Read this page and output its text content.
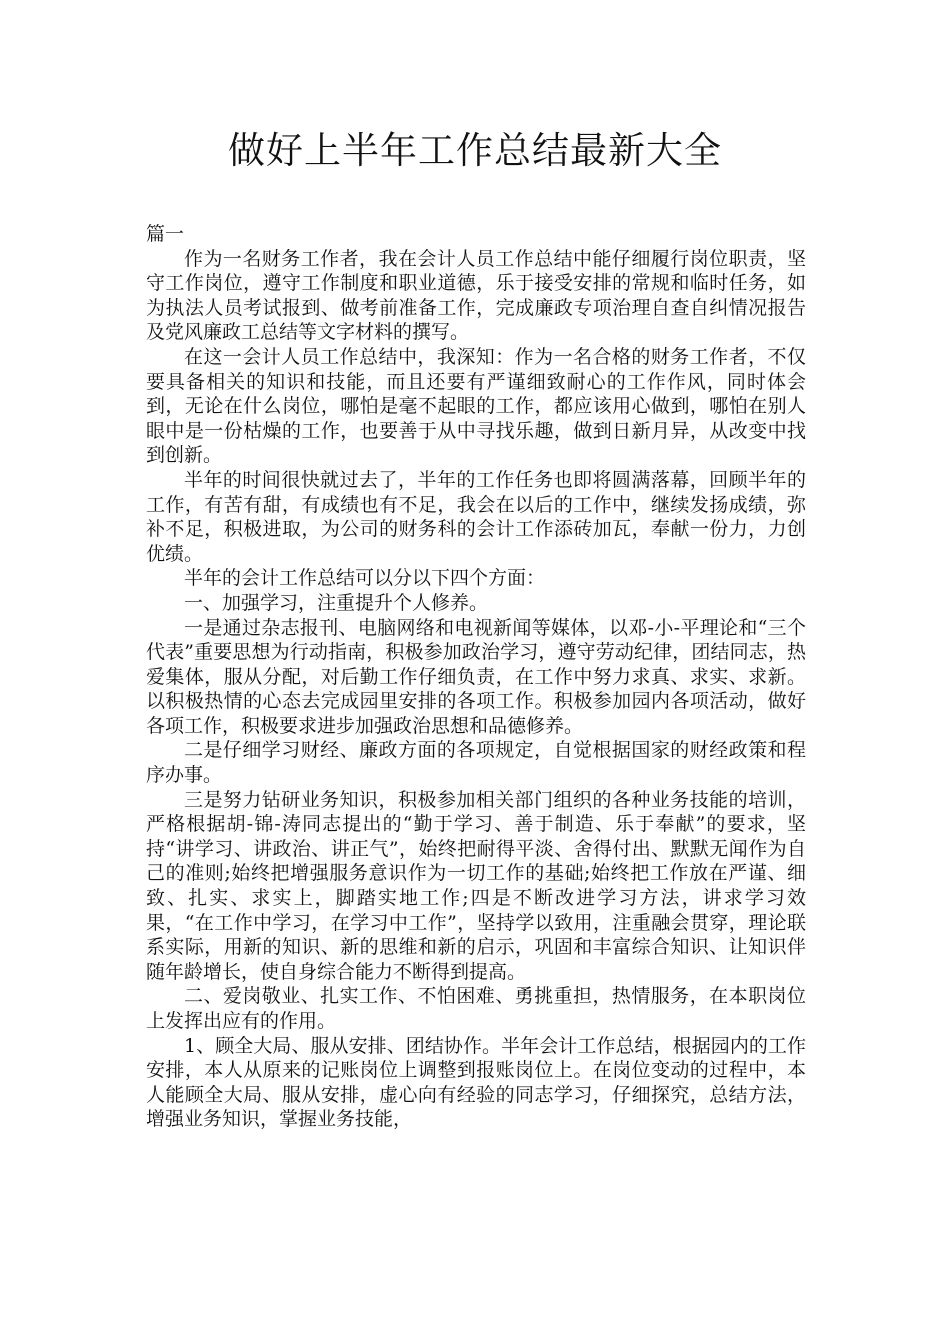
做好上半年工作总结最新大全

篇一

作为一名财务工作者，我在会计人员工作总结中能仔细履行岗位职责，坚守工作岗位，遵守工作制度和职业道德，乐于接受安排的常规和临时任务，如为执法人员考试报到、做考前准备工作，完成廉政专项治理自查自纠情况报告及党风廉政工总结等文字材料的撰写。

在这一会计人员工作总结中，我深知：作为一名合格的财务工作者，不仅要具备相关的知识和技能，而且还要有严谨细致耐心的工作作风，同时体会到，无论在什么岗位，哪怕是毫不起眼的工作，都应该用心做到，哪怕在别人眼中是一份枯燥的工作，也要善于从中寻找乐趣，做到日新月异，从改变中找到创新。

半年的时间很快就过去了，半年的工作任务也即将圆满落幕，回顾半年的工作，有苦有甜，有成绩也有不足，我会在以后的工作中，继续发扬成绩，弥补不足，积极进取，为公司的财务科的会计工作添砖加瓦，奉献一份力，力创优绩。

半年的会计工作总结可以分以下四个方面：

一、加强学习，注重提升个人修养。

一是通过杂志报刊、电脑网络和电视新闻等媒体，以邓-小-平理论和“三个代表”重要思想为行动指南，积极参加政治学习，遵守劳动纪律，团结同志，热爱集体，服从分配，对后勤工作仔细负责，在工作中努力求真、求实、求新。以积极热情的心态去完成园里安排的各项工作。积极参加园内各项活动，做好各项工作，积极要求进步加强政治思想和品德修养。

二是仔细学习财经、廉政方面的各项规定，自觉根据国家的财经政策和程序办事。

三是努力钻研业务知识，积极参加相关部门组织的各种业务技能的培训，严格根据胡-锦-涛同志提出的“勤于学习、善于制造、乐于奉献”的要求，坚持“讲学习、讲政治、讲正气”，始终把耐得平淡、舍得付出、默默无闻作为自己的准则;始终把增强服务意识作为一切工作的基础;始终把工作放在严谨、细致、扎实、求实上，脚踏实地工作;四是不断改进学习方法，讲求学习效果，“在工作中学习，在学习中工作”，坚持学以致用，注重融会贯穿，理论联系实际，用新的知识、新的思维和新的启示，巩固和丰富综合知识、让知识伴随年龄增长，使自身综合能力不断得到提高。

二、爱岗敬业、扎实工作、不怕困难、勇挑重担，热情服务，在本职岗位上发挥出应有的作用。

1、顾全大局、服从安排、团结协作。半年会计工作总结，根据园内的工作安排，本人从原来的记账岗位上调整到报账岗位上。在岗位变动的过程中，本人能顾全大局、服从安排，虚心向有经验的同志学习，仔细探究，总结方法，增强业务知识，掌握业务技能，
